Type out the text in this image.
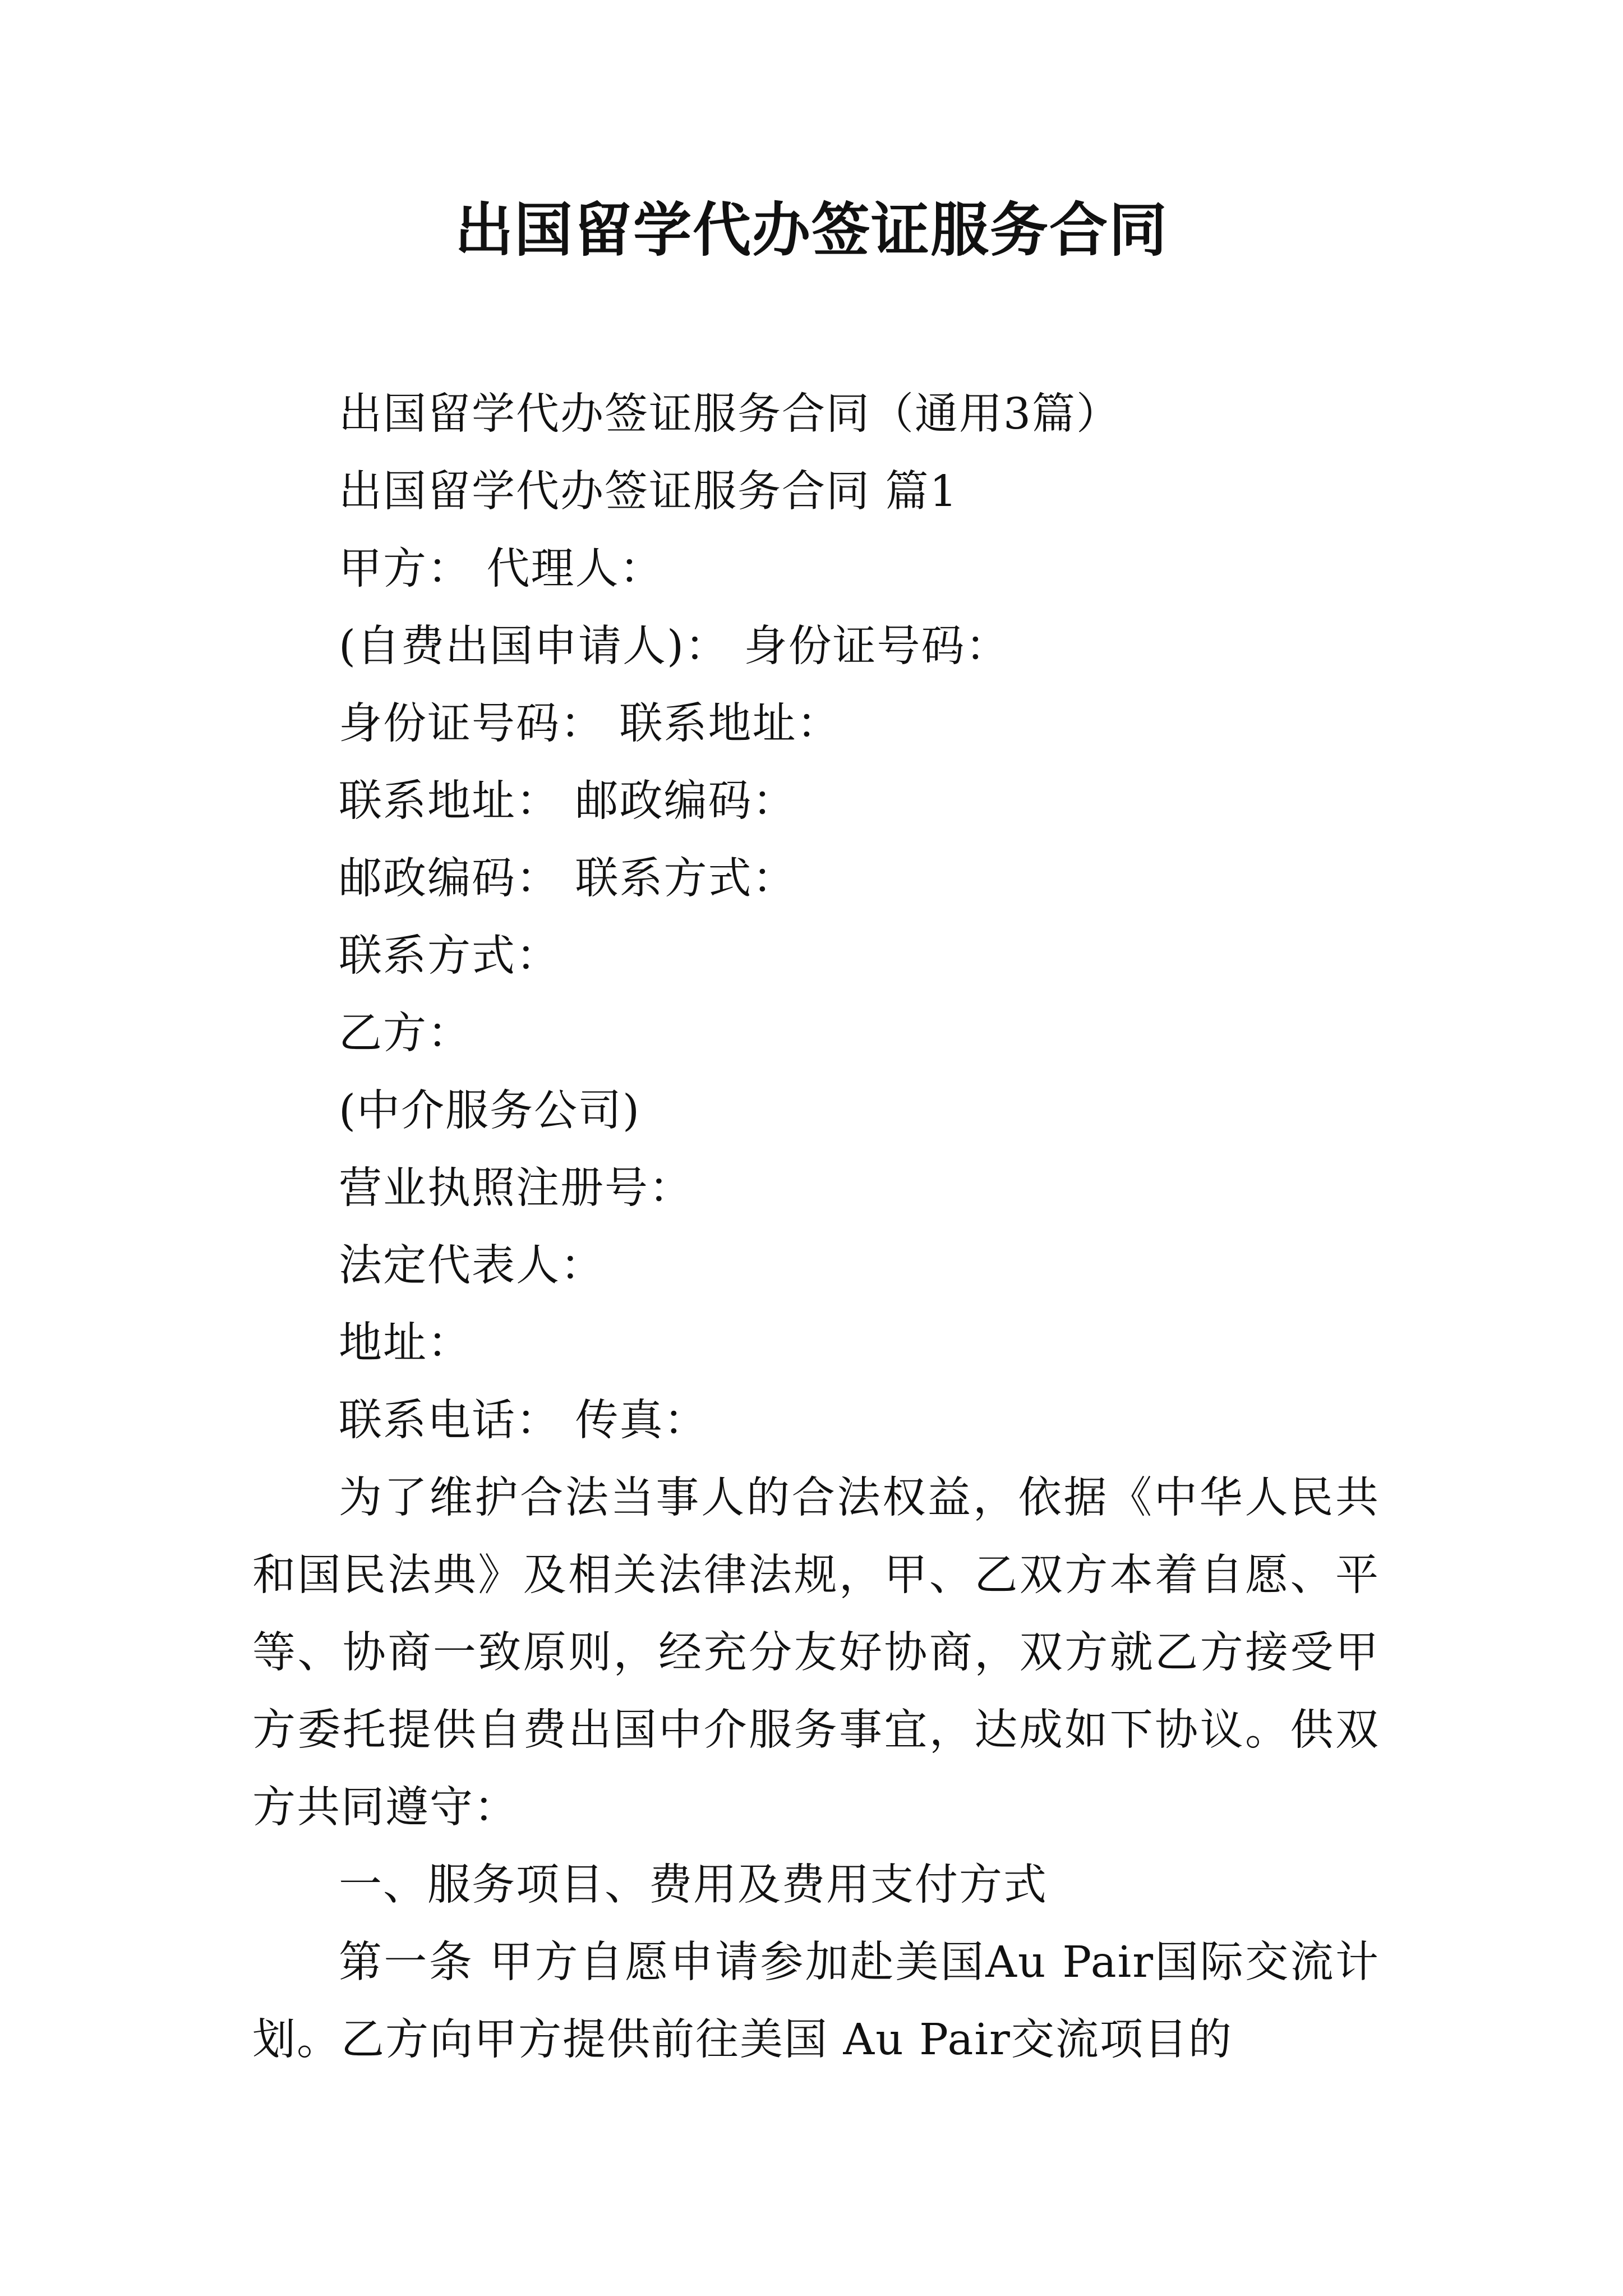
出国留学代办签证服务合同
出国留学代办签证服务合同（通用3篇）
出国留学代办签证服务合同 篇1
甲方： 代理人：
(自费出国申请人)： 身份证号码：
身份证号码： 联系地址：
联系地址： 邮政编码：
邮政编码： 联系方式：
联系方式：
乙方：
(中介服务公司)
营业执照注册号：
法定代表人：
地址：
联系电话： 传真：

为了维护合法当事人的合法权益，依据《中华人民共和国民法典》及相关法律法规，甲、乙双方本着自愿、平等、协商一致原则，经充分友好协商，双方就乙方接受甲方委托提供自费出国中介服务事宜，达成如下协议。供双方共同遵守：

一、服务项目、费用及费用支付方式

第一条 甲方自愿申请参加赴美国Au Pair国际交流计划。乙方向甲方提供前往美国 Au Pair交流项目的
